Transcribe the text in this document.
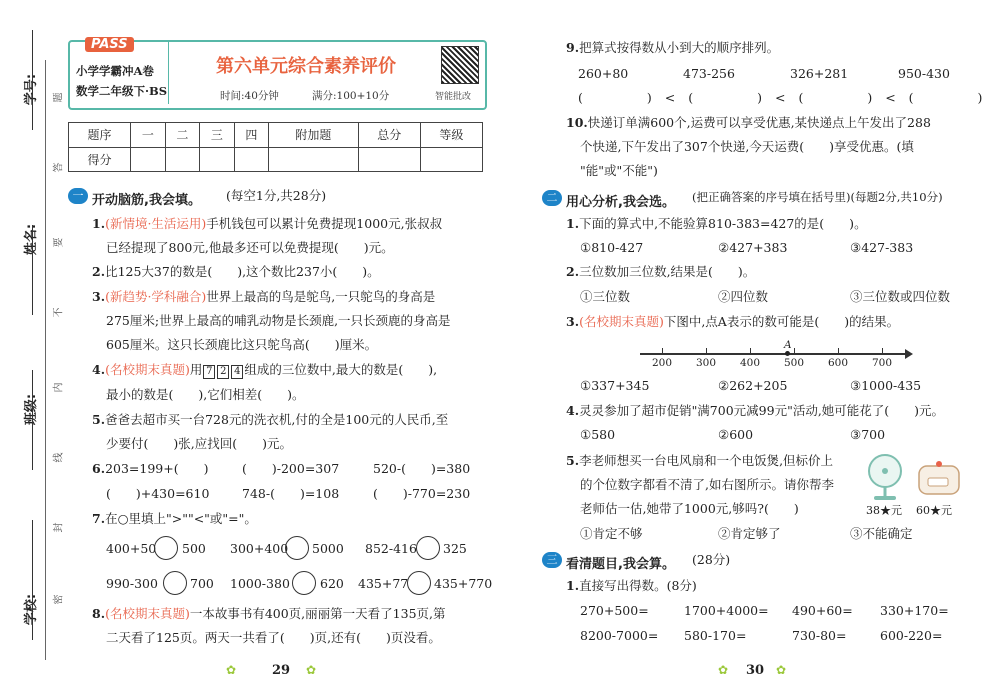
学号:
姓名:
班级:
学校:	密
封
线
内
不
要
答
题
PASS
小学学霸冲A卷
数学二年级下·BS
第六单元综合素养评价
时间:40分钟	满分:100+10分	智能批改
题序	一	二	三	四	附加题	总分	等级
得分							
一 开动脑筋,我会填。 (每空1分,共28分)
1.(新情境·生活运用)手机钱包可以累计免费提现1000元,张叔叔
已经提现了800元,他最多还可以免费提现(　　)元。
2.比125大37的数是(　　),这个数比237小(　　)。
3.(新趋势·学科融合)世界上最高的鸟是鸵鸟,一只鸵鸟的身高是
275厘米;世界上最高的哺乳动物是长颈鹿,一只长颈鹿的身高是
605厘米。这只长颈鹿比这只鸵鸟高(　　)厘米。
4.(名校期末真题)用 7 2 4 组成的三位数中,最大的数是(　　),
最小的数是(　　),它们相差(　　)。
5.爸爸去超市买一台728元的洗衣机,付的全是100元的人民币,至
少要付(　　)张,应找回(　　)元。
6.203=199+(　　)	(　　)-200=307	520-(　　)=380
(　　)+430=610	748-(　　)=108	(　　)-770=230
7.在○里填上">""<"或"="。
400+50 500 300+400 5000 852-416 325
990-300	700 1000-380 620 435+77 435+770
8.(名校期末真题)一本故事书有400页,丽丽第一天看了135页,第
二天看了125页。两天一共看了(　　)页,还有(　　)页没看。
✿	29 ✿
9.把算式按得数从小到大的顺序排列。
260+80	473-256	326+281	950-430
(　　)<(　　)<(　　)<(　　)
10.快递订单满600个,运费可以享受优惠,某快递点上午发出了288
个快递,下午发出了307个快递,今天运费(　　)享受优惠。(填
"能"或"不能")
二 用心分析,我会选。 (把正确答案的序号填在括号里)(每题2分,共10分)
1.下面的算式中,不能验算810-383=427的是(　　)。
①810-427	②427+383	③427-383
2.三位数加三位数,结果是(　　)。
①三位数	②四位数	③三位数或四位数
3.(名校期末真题)下图中,点A表示的数可能是(　　)的结果。
200 300 400 500 600 700
A
①337+345	②262+205	③1000-435
4.灵灵参加了超市促销"满700元减99元"活动,她可能花了(　　)元。
①580	②600	③700
5.李老师想买一台电风扇和一个电饭煲,但标价上
的个位数字都看不清了,如右图所示。请你帮李
老师估一估,她带了1000元,够吗?(　　)
①肯定不够	②肯定够了	③不能确定
38★元 60★元
三 看清题目,我会算。 (28分)
1.直接写出得数。(8分)
270+500=	1700+4000= 490+60= 330+170=
8200-7000= 580-170=	730-80=	600-220=
✿ 30 ✿
